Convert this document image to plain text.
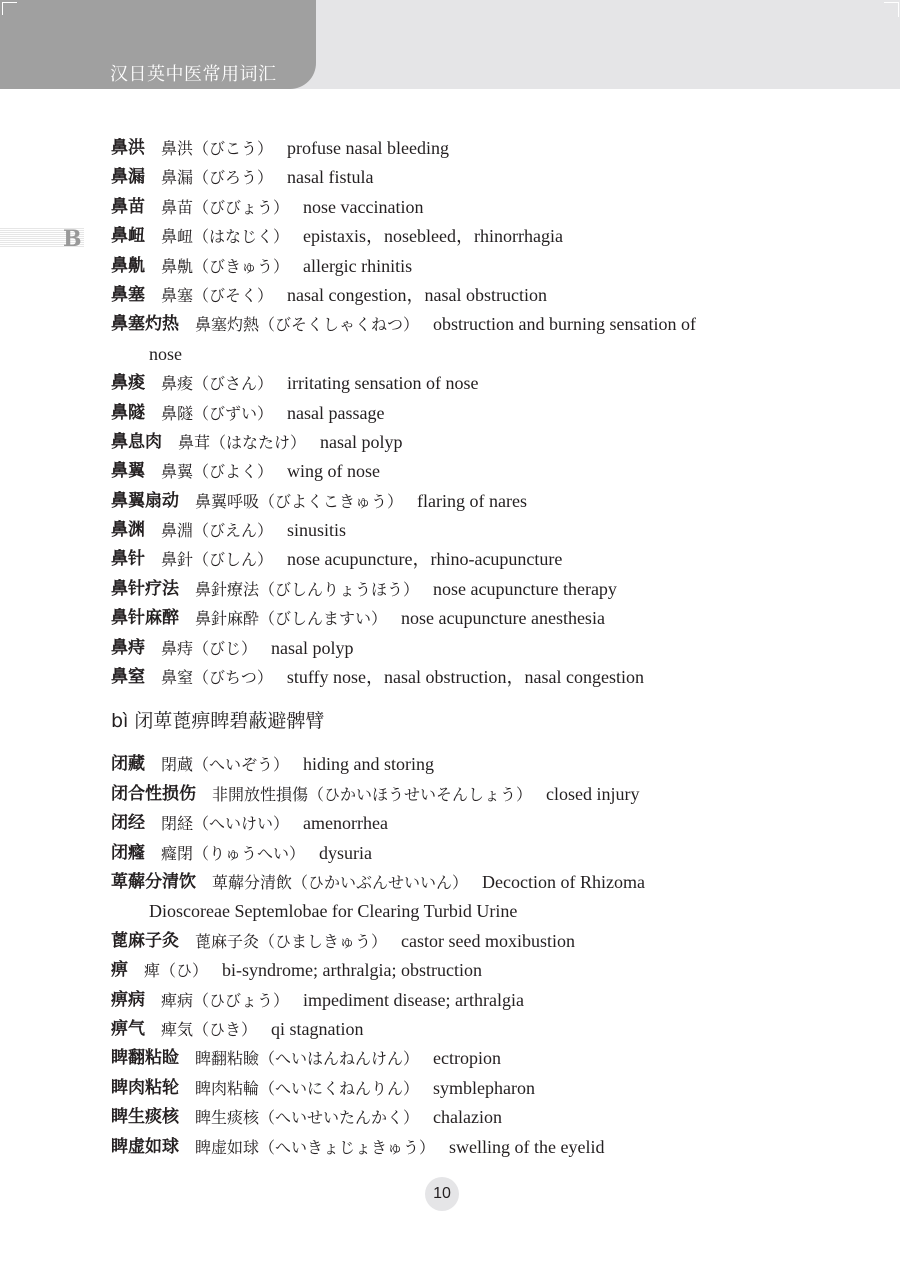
汉日英中医常用词汇
B
鼻洪 鼻洪（びこう） profuse nasal bleeding
鼻漏 鼻漏（びろう） nasal fistula
鼻苗 鼻苗（びびょう） nose vaccination
鼻衄 鼻衄（はなじく） epistaxis，nosebleed，rhinorrhagia
鼻鼽 鼻鼽（びきゅう） allergic rhinitis
鼻塞 鼻塞（びそく） nasal congestion，nasal obstruction
鼻塞灼热 鼻塞灼熱（びそくしゃくねつ） obstruction and burning sensation of
nose
鼻痠 鼻痠（びさん） irritating sensation of nose
鼻隧 鼻隧（びずい） nasal passage
鼻息肉 鼻茸（はなたけ） nasal polyp
鼻翼 鼻翼（びよく） wing of nose
鼻翼扇动 鼻翼呼吸（びよくこきゅう） flaring of nares
鼻渊 鼻淵（びえん） sinusitis
鼻针 鼻針（びしん） nose acupuncture，rhino-acupuncture
鼻针疗法 鼻針療法（びしんりょうほう） nose acupuncture therapy
鼻针麻醉 鼻針麻酔（びしんますい） nose acupuncture anesthesia
鼻痔 鼻痔（びじ） nasal polyp
鼻窒 鼻窒（びちつ） stuffy nose，nasal obstruction，nasal congestion
bì 闭萆蓖痹睥碧蔽避髀臂
闭藏 閉蔵（へいぞう） hiding and storing
闭合性损伤 非開放性損傷（ひかいほうせいそんしょう） closed injury
闭经 閉経（へいけい） amenorrhea
闭癃 癃閉（りゅうへい） dysuria
萆薢分清饮 萆薢分清飲（ひかいぶんせいいん） Decoction of Rhizoma
Dioscoreae Septemlobae for Clearing Turbid Urine
蓖麻子灸 蓖麻子灸（ひましきゅう） castor seed moxibustion
痹 痺（ひ） bi-syndrome; arthralgia; obstruction
痹病 痺病（ひびょう） impediment disease; arthralgia
痹气 痺気（ひき） qi stagnation
睥翻粘睑 睥翻粘瞼（へいはんねんけん） ectropion
睥肉粘轮 睥肉粘輪（へいにくねんりん） symblepharon
睥生痰核 睥生痰核（へいせいたんかく） chalazion
睥虚如球 睥虚如球（へいきょじょきゅう） swelling of the eyelid
10
